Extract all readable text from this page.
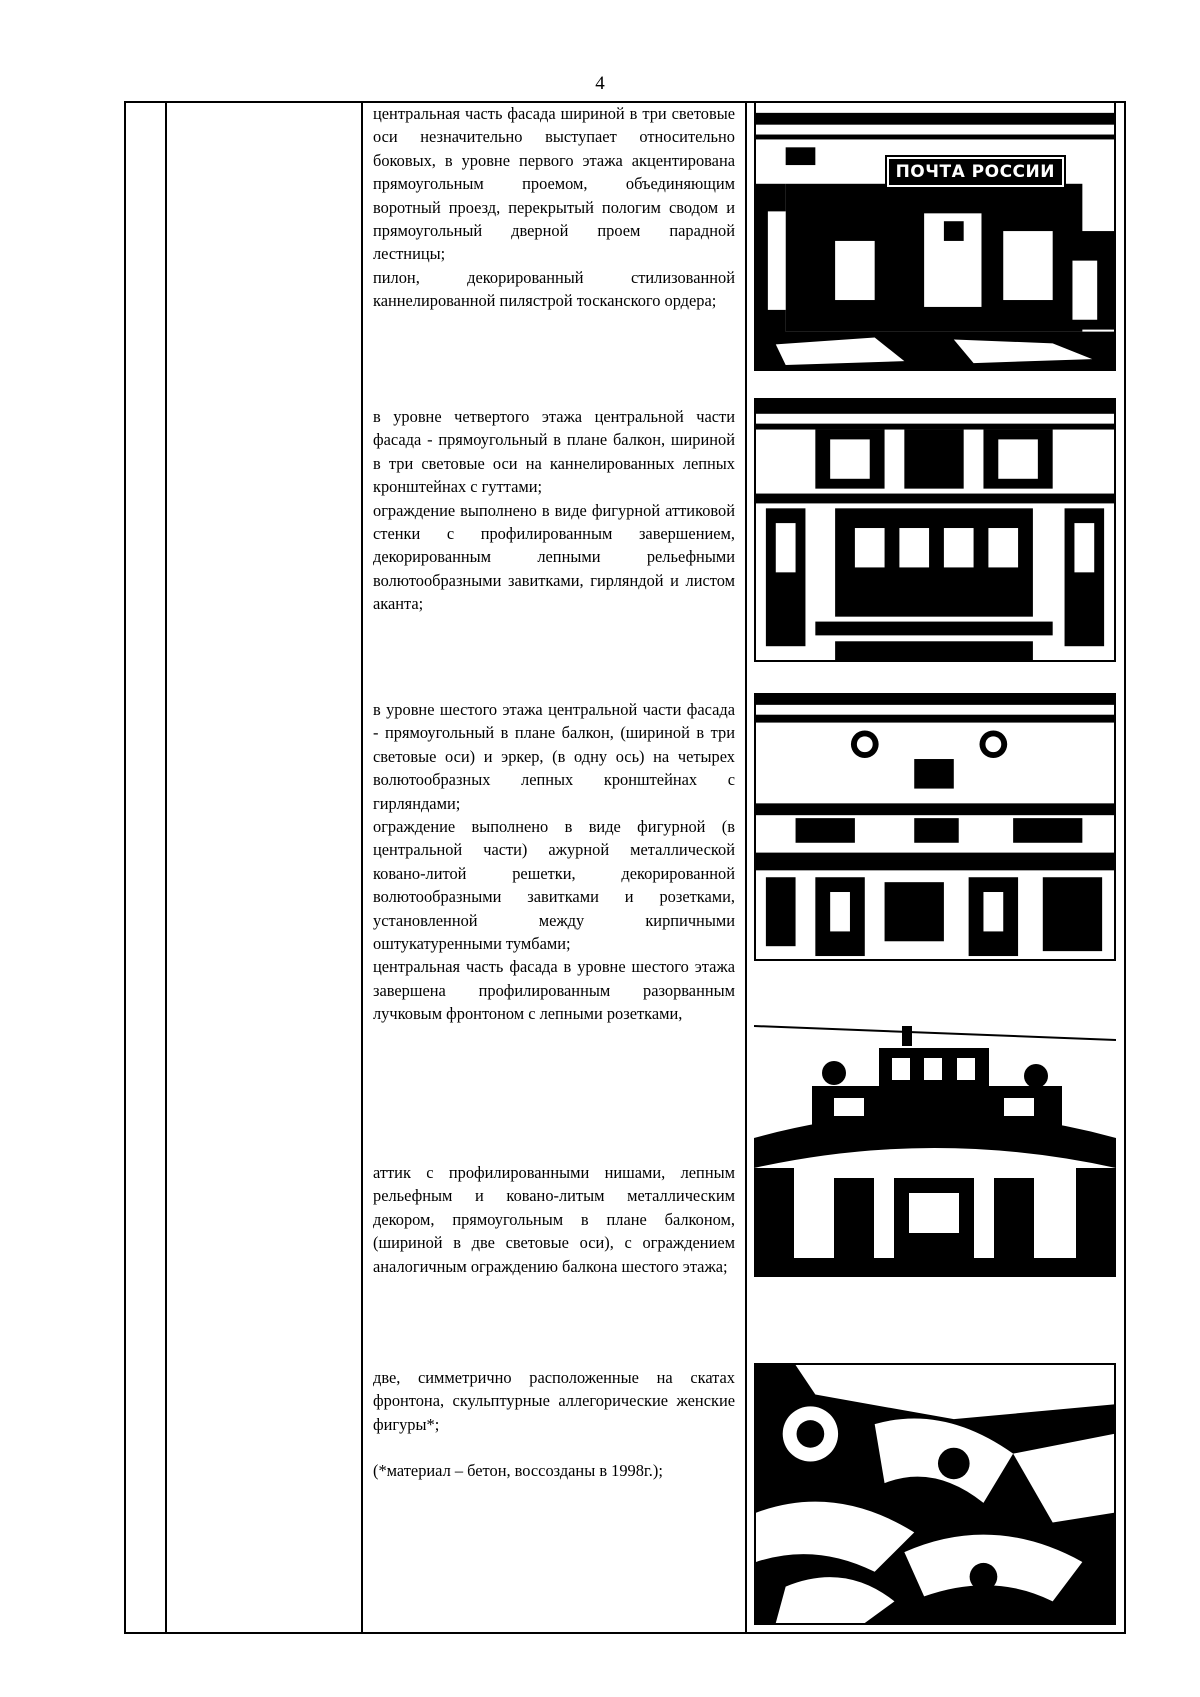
4

центральная часть фасада шириной в три световые оси незначительно выступает относительно боковых, в уровне первого этажа акцентирована прямоугольным проемом, объединяющим воротный проезд, перекрытый пологим сводом и прямоугольный дверной проем парадной лестницы;

пилон, декорированный стилизованной каннелированной пилястрой тосканского ордера;

в уровне четвертого этажа центральной части фасада - прямоугольный в плане балкон, шириной в три световые оси на каннелированных лепных кронштейнах с гуттами;

ограждение выполнено в виде фигурной аттиковой стенки с профилированным завершением, декорированным лепными рельефными волютообразными завитками, гирляндой и листом аканта;

в уровне шестого этажа центральной части фасада - прямоугольный в плане балкон, (шириной в три световые оси) и эркер, (в одну ось) на четырех волютообразных лепных кронштейнах с гирляндами;

ограждение выполнено в виде фигурной (в центральной части) ажурной металлической ковано-литой решетки, декорированной волютообразными завитками и розетками, установленной между кирпичными оштукатуренными тумбами;

центральная часть фасада в уровне шестого этажа завершена профилированным разорванным лучковым фронтоном с лепными розетками,

аттик с профилированными нишами, лепным рельефным и ковано-литым металлическим декором, прямоугольным в плане балконом, (шириной в две световые оси), с ограждением аналогичным ограждению балкона шестого этажа;

две, симметрично расположенные на скатах фронтона, скульптурные аллегорические женские фигуры*;

(*материал – бетон, воссозданы в 1998г.);

ПОЧТА РОССИИ
